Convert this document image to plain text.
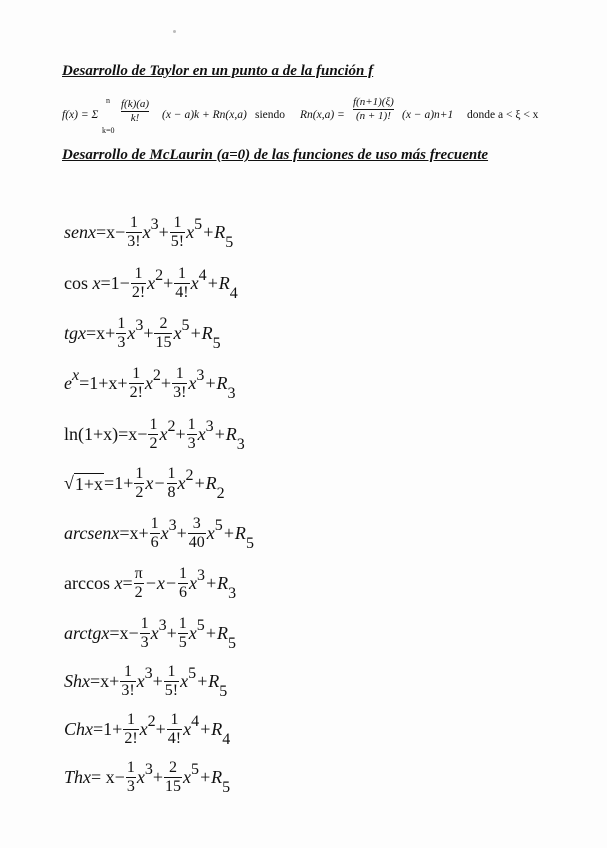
Desarrollo de Taylor en un punto a de la función f
f(x) = Σ
n
k=0
$\frac{f(k)(a)}{k!} (x - a)k + Rn(x,a)$ siendo $Rn(x,a) = \frac{f(n+1)(\xi)}{(n + 1)!} (x - a)n+1$ donde a < ξ < x
Desarrollo de McLaurin (a=0) de las funciones de uso más frecuente
senx $=x- \frac{1}{3!}$ x $3 + \frac{1}{5!}$ x 5 +R 5
cos
$x =1- \frac{1}{2!}$ x $2 + \frac{1}{4!}$ x 4 +R 4
tgx $=x+ \frac{1}{3}$ x $3 + \frac{2}{15}$ x 5 +R 5
e $x =1+x+ \frac{1}{2!}$ x $2 + \frac{1}{3!}$ x 3 +R 3
$\ln(1+x) =x- \frac{1}{2}$ x $2 + \frac{1}{3}$ x 3 +R 3
√ $1+x =1+ \frac{1}{2} x- \frac{1}{8}$ x 2 +R 2
arcsenx $=x+ \frac{1}{6}$ x $3 + \frac{3}{40}$ x 5 +R 5
arccos
$x = \frac{\pi}{2} -x- \frac{1}{6}$ x 3 +R 3
arctgx $=x- \frac{1}{3}$ x $3 + \frac{1}{5}$ x 5 +R 5
Shx $=x+ \frac{1}{3!}$ x $3 + \frac{1}{5!}$ x 5 +R 5
Chx $=1+ \frac{1}{2!}$ x $2 + \frac{1}{4!}$ x 4 +R 4
Thx = $x- \frac{1}{3}$ x $3 + \frac{2}{15}$ x 5 +R 5
